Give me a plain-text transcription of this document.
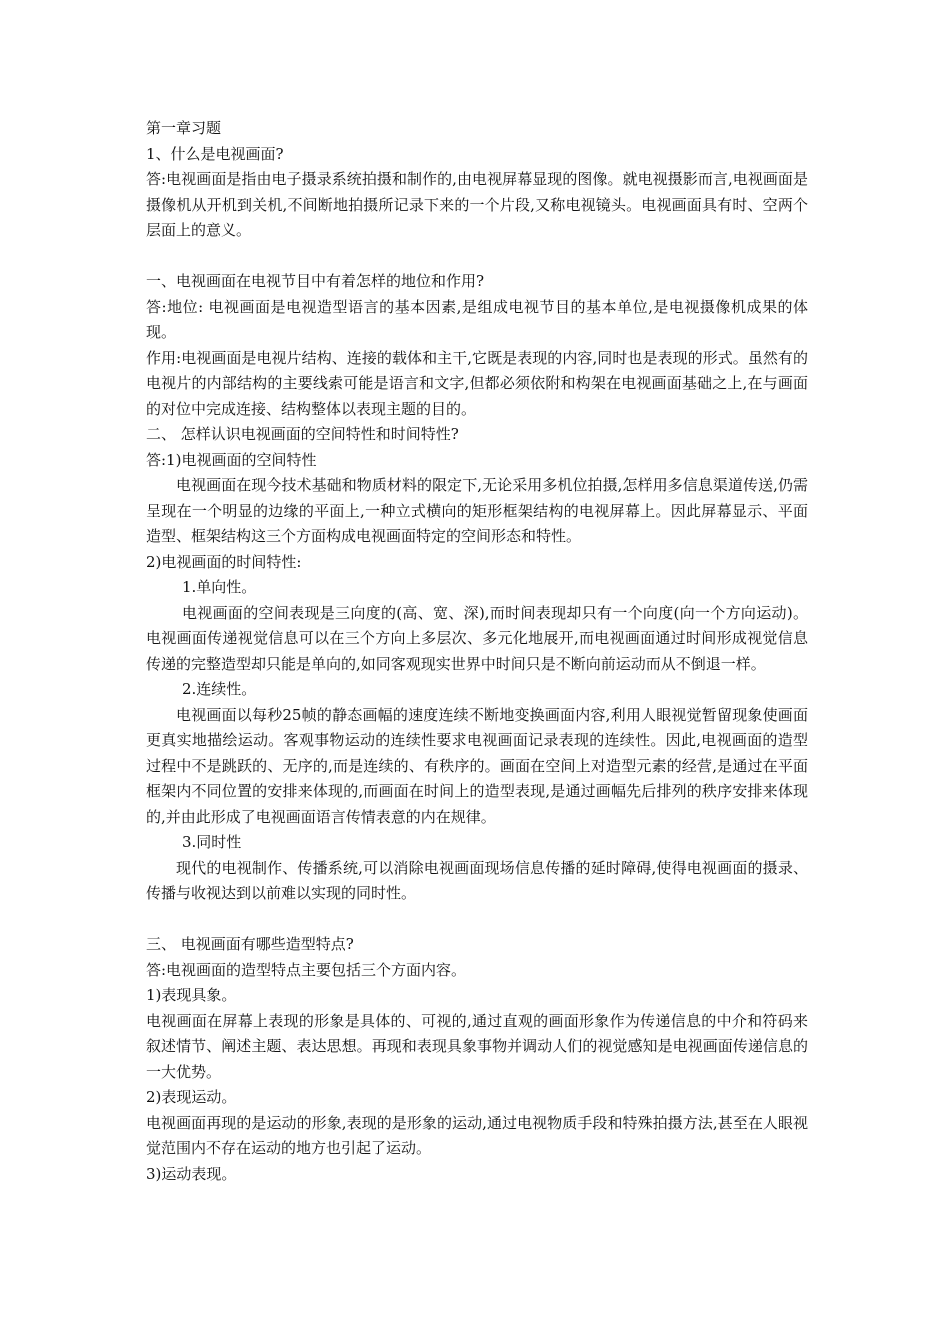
第一章习题

1、什么是电视画面?

答:电视画面是指由电子摄录系统拍摄和制作的,由电视屏幕显现的图像。就电视摄影而言,电视画面是摄像机从开机到关机,不间断地拍摄所记录下来的一个片段,又称电视镜头。电视画面具有时、空两个层面上的意义。

一、电视画面在电视节目中有着怎样的地位和作用?

答:地位: 电视画面是电视造型语言的基本因素,是组成电视节目的基本单位,是电视摄像机成果的体现。

作用:电视画面是电视片结构、连接的载体和主干,它既是表现的内容,同时也是表现的形式。虽然有的电视片的内部结构的主要线索可能是语言和文字,但都必须依附和构架在电视画面基础之上,在与画面的对位中完成连接、结构整体以表现主题的目的。

二、 怎样认识电视画面的空间特性和时间特性?

答:1)电视画面的空间特性

电视画面在现今技术基础和物质材料的限定下,无论采用多机位拍摄,怎样用多信息渠道传送,仍需呈现在一个明显的边缘的平面上,一种立式横向的矩形框架结构的电视屏幕上。因此屏幕显示、平面造型、框架结构这三个方面构成电视画面特定的空间形态和特性。

2)电视画面的时间特性:

1.单向性。

电视画面的空间表现是三向度的(高、宽、深),而时间表现却只有一个向度(向一个方向运动)。电视画面传递视觉信息可以在三个方向上多层次、多元化地展开,而电视画面通过时间形成视觉信息传递的完整造型却只能是单向的,如同客观现实世界中时间只是不断向前运动而从不倒退一样。

2.连续性。

电视画面以每秒25帧的静态画幅的速度连续不断地变换画面内容,利用人眼视觉暂留现象使画面更真实地描绘运动。客观事物运动的连续性要求电视画面记录表现的连续性。因此,电视画面的造型过程中不是跳跃的、无序的,而是连续的、有秩序的。画面在空间上对造型元素的经营,是通过在平面框架内不同位置的安排来体现的,而画面在时间上的造型表现,是通过画幅先后排列的秩序安排来体现的,并由此形成了电视画面语言传情表意的内在规律。

3.同时性

现代的电视制作、传播系统,可以消除电视画面现场信息传播的延时障碍,使得电视画面的摄录、传播与收视达到以前难以实现的同时性。

三、 电视画面有哪些造型特点?

答:电视画面的造型特点主要包括三个方面内容。

1)表现具象。

电视画面在屏幕上表现的形象是具体的、可视的,通过直观的画面形象作为传递信息的中介和符码来叙述情节、阐述主题、表达思想。再现和表现具象事物并调动人们的视觉感知是电视画面传递信息的一大优势。

2)表现运动。

电视画面再现的是运动的形象,表现的是形象的运动,通过电视物质手段和特殊拍摄方法,甚至在人眼视觉范围内不存在运动的地方也引起了运动。

3)运动表现。
